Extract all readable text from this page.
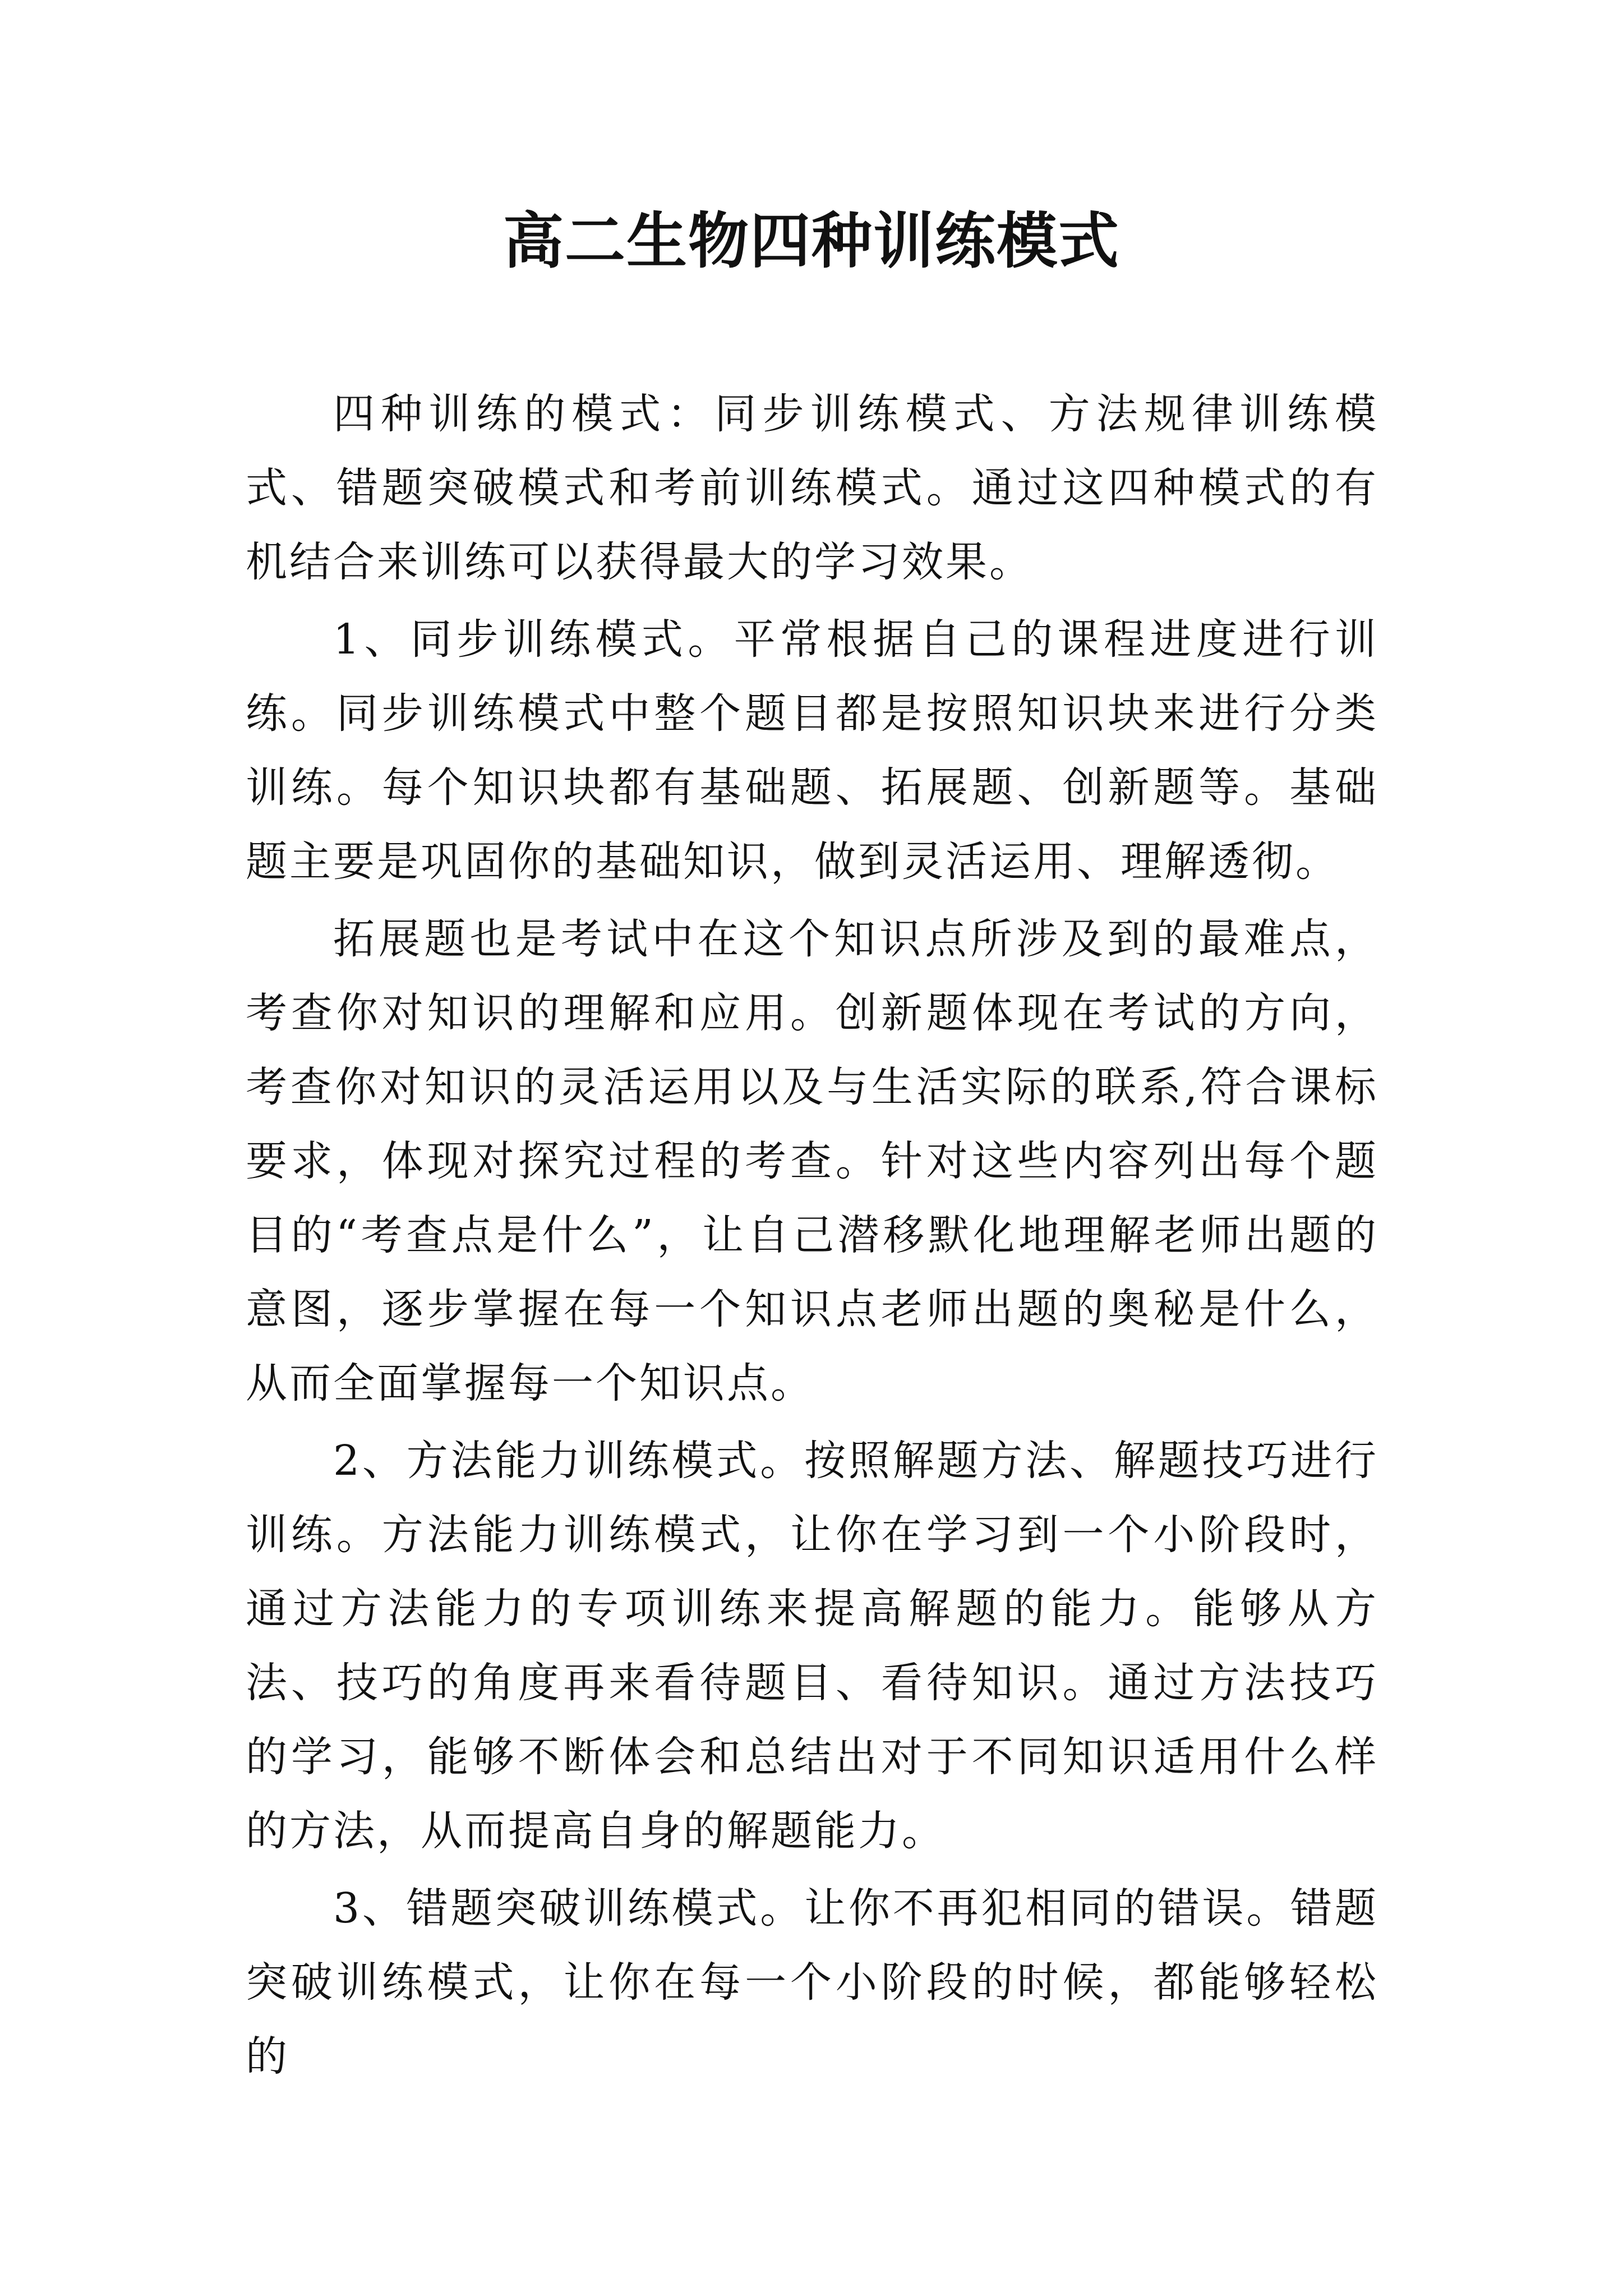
高二生物四种训练模式

四种训练的模式：同步训练模式、方法规律训练模式、错题突破模式和考前训练模式。通过这四种模式的有机结合来训练可以获得最大的学习效果。

1、同步训练模式。平常根据自己的课程进度进行训练。同步训练模式中整个题目都是按照知识块来进行分类训练。每个知识块都有基础题、拓展题、创新题等。基础题主要是巩固你的基础知识，做到灵活运用、理解透彻。

拓展题也是考试中在这个知识点所涉及到的最难点，考查你对知识的理解和应用。创新题体现在考试的方向，考查你对知识的灵活运用以及与生活实际的联系,符合课标要求，体现对探究过程的考查。针对这些内容列出每个题目的“考查点是什么”，让自己潜移默化地理解老师出题的意图，逐步掌握在每一个知识点老师出题的奥秘是什么，从而全面掌握每一个知识点。

2、方法能力训练模式。按照解题方法、解题技巧进行训练。方法能力训练模式，让你在学习到一个小阶段时，通过方法能力的专项训练来提高解题的能力。能够从方法、技巧的角度再来看待题目、看待知识。通过方法技巧的学习，能够不断体会和总结出对于不同知识适用什么样的方法，从而提高自身的解题能力。

3、错题突破训练模式。让你不再犯相同的错误。错题突破训练模式，让你在每一个小阶段的时候，都能够轻松的
